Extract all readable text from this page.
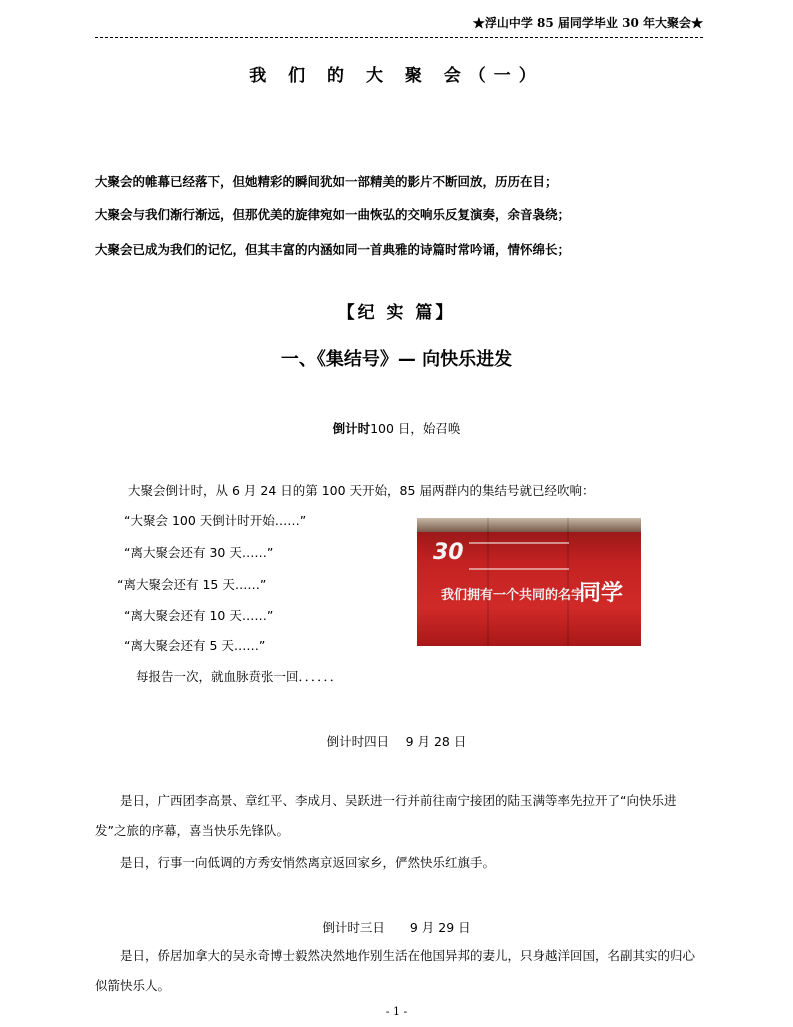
★浮山中学 85 届同学毕业 30 年大聚会★
我 们 的 大 聚 会（一）
大聚会的帷幕已经落下，但她精彩的瞬间犹如一部精美的影片不断回放，历历在目；
大聚会与我们渐行渐远，但那优美的旋律宛如一曲恢弘的交响乐反复演奏，余音袅绕；
大聚会已成为我们的记忆，但其丰富的内涵如同一首典雅的诗篇时常吟诵，情怀绵长；
【纪 实 篇】
一、《集结号》— 向快乐进发
倒计时100 日，始召唤
大聚会倒计时，从 6 月 24 日的第 100 天开始，85 届两群内的集结号就已经吹响：
“大聚会 100 天倒计时开始……”
“离大聚会还有 30 天……”
“离大聚会还有 15 天……”
“离大聚会还有 10 天……”
“离大聚会还有 5 天……”
每报告一次，就血脉贲张一回．．．．．．
30
我们拥有一个共同的名字
同学
倒计时四日　 9 月 28 日
是日，广西团李高景、章红平、李成月、吴跃进一行并前往南宁接团的陆玉满等率先拉开了“向快乐进发”之旅的序幕，喜当快乐先锋队。
是日，行事一向低调的方秀安悄然离京返回家乡，俨然快乐红旗手。
倒计时三日　　9 月 29 日
是日，侨居加拿大的吴永奇博士毅然决然地作别生活在他国异邦的妻儿，只身越洋回国，名副其实的归心似箭快乐人。
- 1 -
